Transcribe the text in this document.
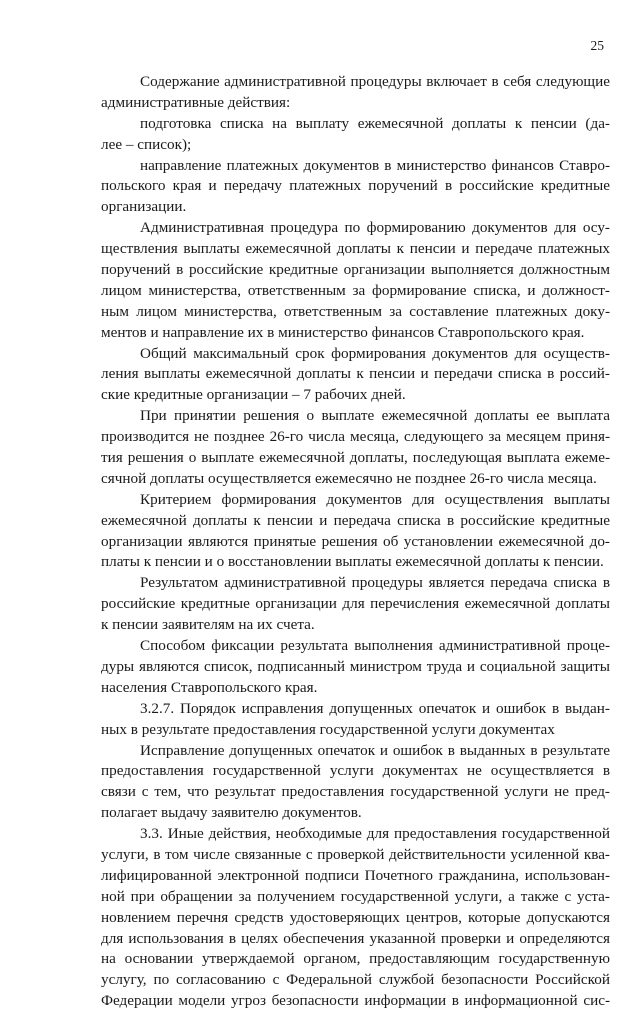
25
Содержание административной процедуры включает в себя следующие
административные действия:
подготовка списка на выплату ежемесячной доплаты к пенсии (да-
лее – список);
направление платежных документов в министерство финансов Ставро-
польского края и передачу платежных поручений в российские кредитные
организации.
Административная процедура по формированию документов для осу-
ществления выплаты ежемесячной доплаты к пенсии и передаче платежных
поручений в российские кредитные организации выполняется должностным
лицом министерства, ответственным за формирование списка, и должност-
ным лицом министерства, ответственным за составление платежных доку-
ментов и направление их в министерство финансов Ставропольского края.
Общий максимальный срок формирования документов для осуществ-
ления выплаты ежемесячной доплаты к пенсии и передачи списка в россий-
ские кредитные организации – 7 рабочих дней.
При принятии решения о выплате ежемесячной доплаты ее выплата
производится не позднее 26-го числа месяца, следующего за месяцем приня-
тия решения о выплате ежемесячной доплаты, последующая выплата ежеме-
сячной доплаты осуществляется ежемесячно не позднее 26-го числа месяца.
Критерием формирования документов для осуществления выплаты
ежемесячной доплаты к пенсии и передача списка в российские кредитные
организации являются принятые решения об установлении ежемесячной до-
платы к пенсии и о восстановлении выплаты ежемесячной доплаты к пенсии.
Результатом административной процедуры является передача списка в
российские кредитные организации для перечисления ежемесячной доплаты
к пенсии заявителям на их счета.
Способом фиксации результата выполнения административной проце-
дуры являются список, подписанный министром труда и социальной защиты
населения Ставропольского края.
3.2.7. Порядок исправления допущенных опечаток и ошибок в выдан-
ных в результате предоставления государственной услуги документах
Исправление допущенных опечаток и ошибок в выданных в результате
предоставления государственной услуги документах не осуществляется в
связи с тем, что результат предоставления государственной услуги не пред-
полагает выдачу заявителю документов.
3.3. Иные действия, необходимые для предоставления государственной
услуги, в том числе связанные с проверкой действительности усиленной ква-
лифицированной электронной подписи Почетного гражданина, использован-
ной при обращении за получением государственной услуги, а также с уста-
новлением перечня средств удостоверяющих центров, которые допускаются
для использования в целях обеспечения указанной проверки и определяются
на основании утверждаемой органом, предоставляющим государственную
услугу, по согласованию с Федеральной службой безопасности Российской
Федерации модели угроз безопасности информации в информационной сис-
